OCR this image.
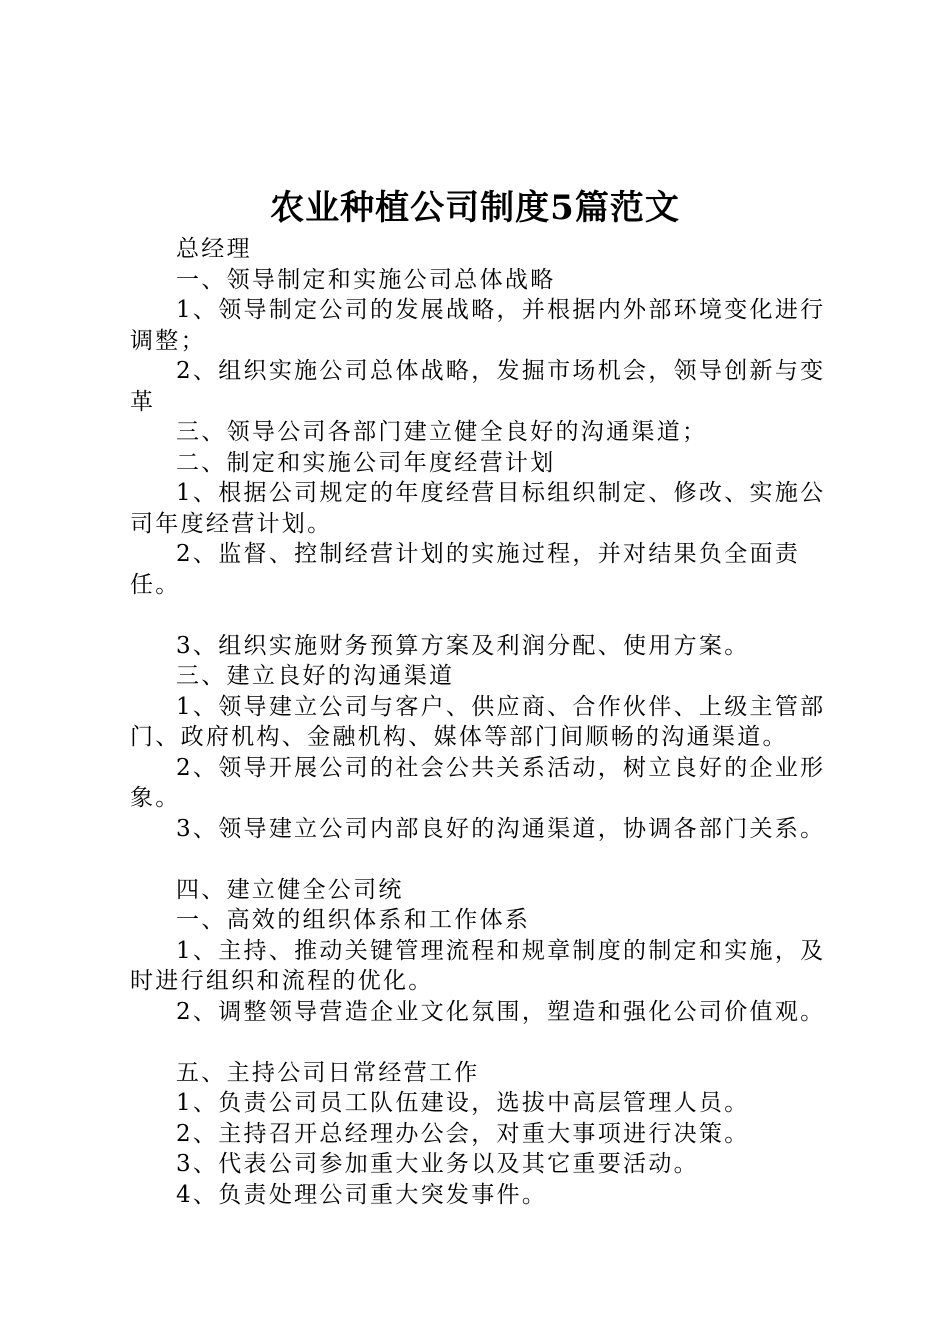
农业种植公司制度5篇范文

总经理

一、领导制定和实施公司总体战略

1、领导制定公司的发展战略，并根据内外部环境变化进行调整；

2、组织实施公司总体战略，发掘市场机会，领导创新与变革

三、领导公司各部门建立健全良好的沟通渠道；

二、制定和实施公司年度经营计划

1、根据公司规定的年度经营目标组织制定、修改、实施公司年度经营计划。

2、监督、控制经营计划的实施过程，并对结果负全面责任。

3、组织实施财务预算方案及利润分配、使用方案。

三、建立良好的沟通渠道

1、领导建立公司与客户、供应商、合作伙伴、上级主管部门、政府机构、金融机构、媒体等部门间顺畅的沟通渠道。

2、领导开展公司的社会公共关系活动，树立良好的企业形象。

3、领导建立公司内部良好的沟通渠道，协调各部门关系。

四、建立健全公司统

一、高效的组织体系和工作体系

1、主持、推动关键管理流程和规章制度的制定和实施，及时进行组织和流程的优化。

2、调整领导营造企业文化氛围，塑造和强化公司价值观。

五、主持公司日常经营工作

1、负责公司员工队伍建设，选拔中高层管理人员。

2、主持召开总经理办公会，对重大事项进行决策。

3、代表公司参加重大业务以及其它重要活动。

4、负责处理公司重大突发事件。
